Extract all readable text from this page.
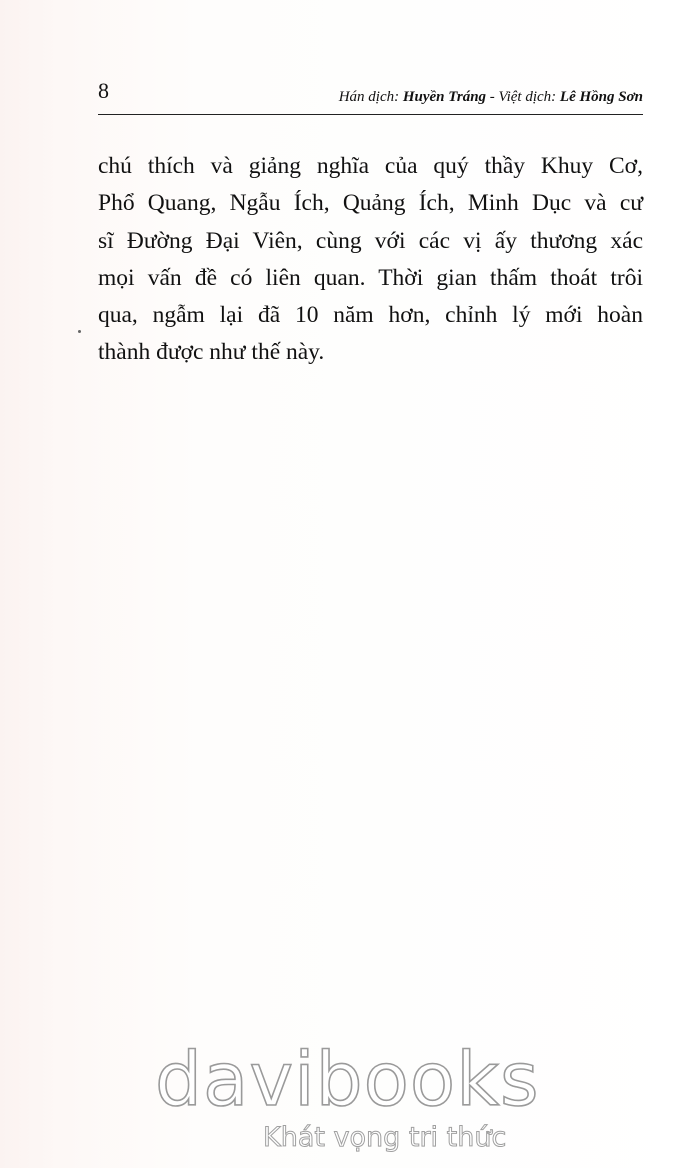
8	Hán dịch: Huyền Tráng - Việt dịch: Lê Hồng Sơn
chú thích và giảng nghĩa của quý thầy Khuy Cơ,
Phổ Quang, Ngẫu Ích, Quảng Ích, Minh Dục và cư
sĩ Đường Đại Viên, cùng với các vị ấy thương xác
mọi vấn đề có liên quan. Thời gian thấm thoát trôi
qua, ngẫm lại đã 10 năm hơn, chỉnh lý mới hoàn
thành được như thế này.
davibooks
Khát vọng tri thức
